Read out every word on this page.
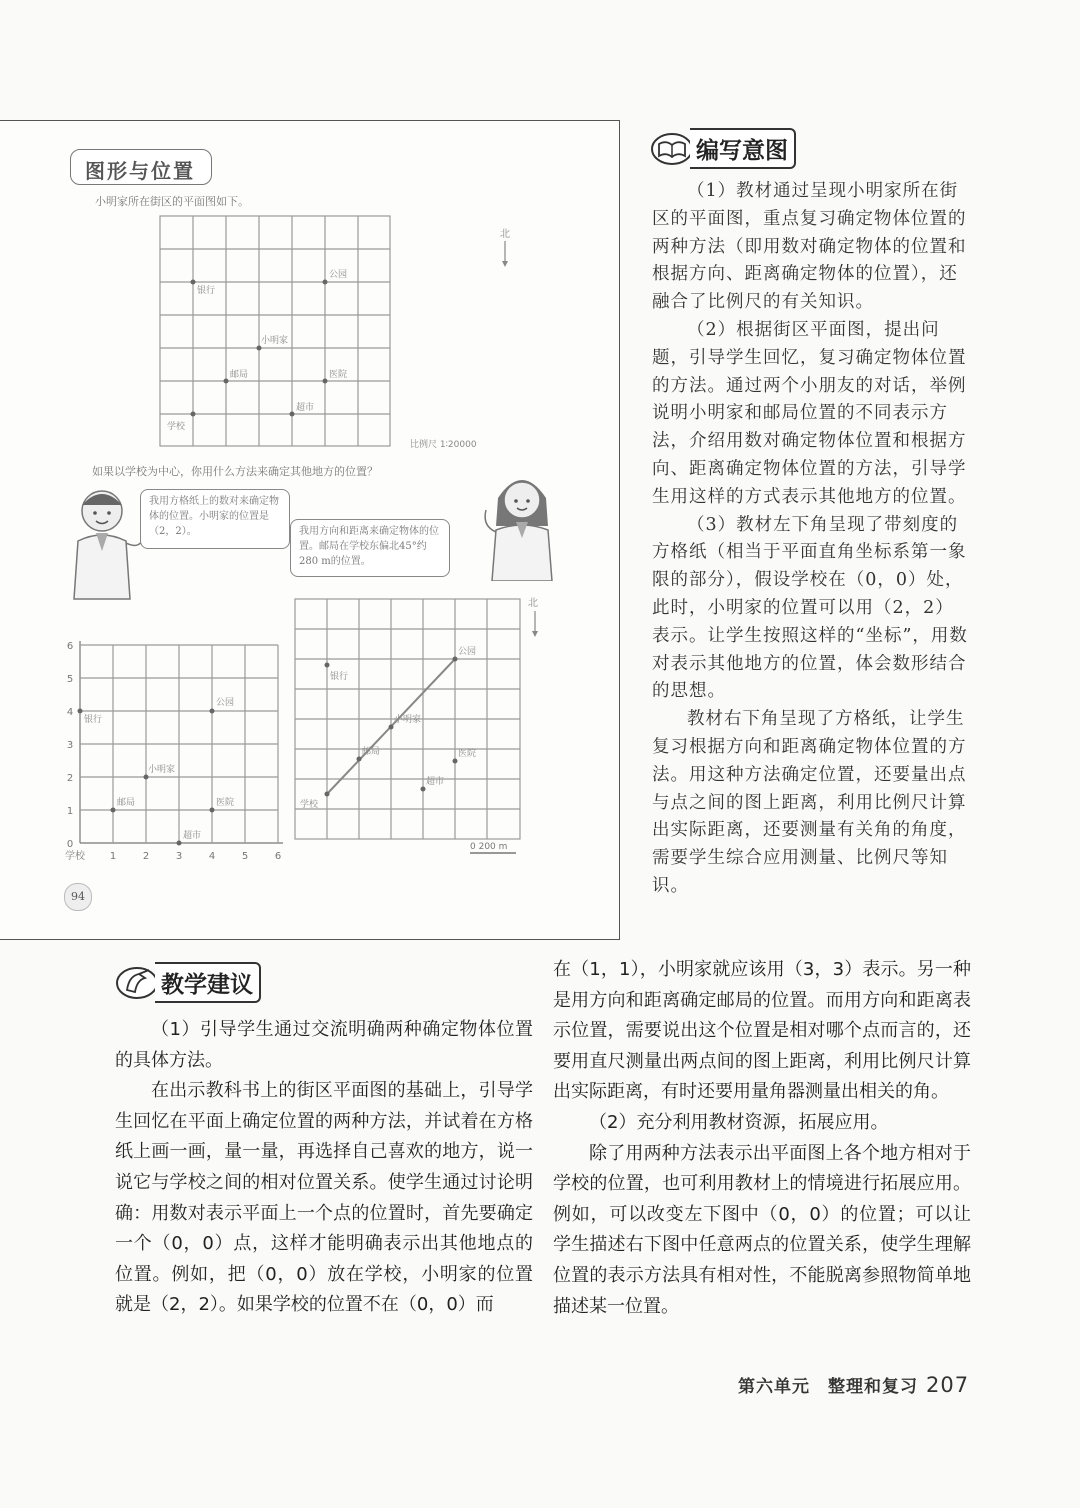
图形与位置
小明家所在街区的平面图如下。
银行
公园
小明家
邮局	医院
超市
学校
比例尺 1∶20000
北
如果以学校为中心，你用什么方法来确定其他地方的位置？
我用方格纸上的数对来确定物体的位置。小明家的位置是（2，2）。	我用方向和距离来确定物体的位置。邮局在学校东偏北45°约280 m的位置。
银行
公园
小明家
邮局	医院
超市
学校 1	2	3	4	5	6
0
1
2
3
4
5
6
银行
公园
小明家
邮局	医院
超市
学校
北
0 200 m
94
编写意图

（1）教材通过呈现小明家所在街区的平面图，重点复习确定物体位置的两种方法（即用数对确定物体的位置和根据方向、距离确定物体的位置），还融合了比例尺的有关知识。

（2）根据街区平面图，提出问题，引导学生回忆，复习确定物体位置的方法。通过两个小朋友的对话，举例说明小明家和邮局位置的不同表示方法，介绍用数对确定物体位置和根据方向、距离确定物体位置的方法，引导学生用这样的方式表示其他地方的位置。

（3）教材左下角呈现了带刻度的方格纸（相当于平面直角坐标系第一象限的部分），假设学校在（0，0）处，此时，小明家的位置可以用（2，2）表示。让学生按照这样的“坐标”，用数对表示其他地方的位置，体会数形结合的思想。

教材右下角呈现了方格纸，让学生复习根据方向和距离确定物体位置的方法。用这种方法确定位置，还要量出点与点之间的图上距离，利用比例尺计算出实际距离，还要测量有关角的角度，需要学生综合应用测量、比例尺等知识。

教学建议

（1）引导学生通过交流明确两种确定物体位置的具体方法。

在出示教科书上的街区平面图的基础上，引导学生回忆在平面上确定位置的两种方法，并试着在方格纸上画一画，量一量，再选择自己喜欢的地方，说一说它与学校之间的相对位置关系。使学生通过讨论明确：用数对表示平面上一个点的位置时，首先要确定一个（0，0）点，这样才能明确表示出其他地点的位置。例如，把（0，0）放在学校，小明家的位置就是（2，2）。如果学校的位置不在（0，0）而

在（1，1），小明家就应该用（3，3）表示。另一种是用方向和距离确定邮局的位置。而用方向和距离表示位置，需要说出这个位置是相对哪个点而言的，还要用直尺测量出两点间的图上距离，利用比例尺计算出实际距离，有时还要用量角器测量出相关的角。

（2）充分利用教材资源，拓展应用。

除了用两种方法表示出平面图上各个地方相对于学校的位置，也可利用教材上的情境进行拓展应用。例如，可以改变左下图中（0，0）的位置；可以让学生描述右下图中任意两点的位置关系，使学生理解位置的表示方法具有相对性，不能脱离参照物简单地描述某一位置。

第六单元　整理和复习 207
